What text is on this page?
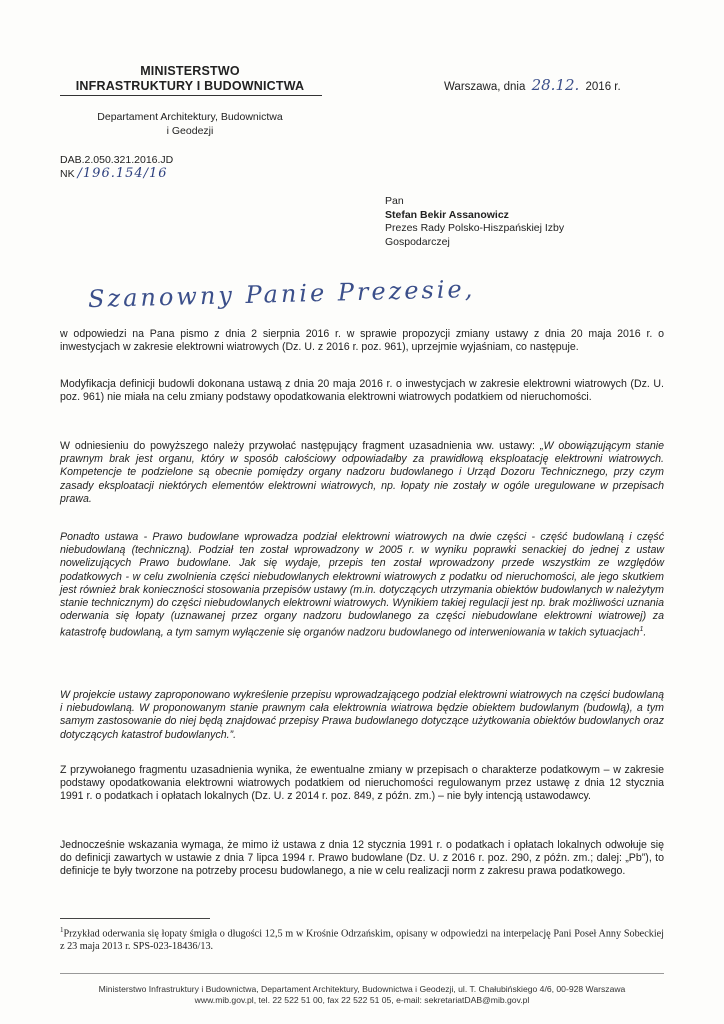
MINISTERSTWO
INFRASTRUKTURY I BUDOWNICTWA
Departament Architektury, Budownictwa
i Geodezji
DAB.2.050.321.2016.JD
NK /196.154/16
Warszawa, dnia 28.12. 2016 r.
Pan
Stefan Bekir Assanowicz
Prezes Rady Polsko-Hiszpańskiej Izby
Gospodarczej
Szanowny Panie Prezesie,

w odpowiedzi na Pana pismo z dnia 2 sierpnia 2016 r. w sprawie propozycji zmiany ustawy z dnia 20 maja 2016 r. o inwestycjach w zakresie elektrowni wiatrowych (Dz. U. z 2016 r. poz. 961), uprzejmie wyjaśniam, co następuje.

Modyfikacja definicji budowli dokonana ustawą z dnia 20 maja 2016 r. o inwestycjach w zakresie elektrowni wiatrowych (Dz. U. poz. 961) nie miała na celu zmiany podstawy opodatkowania elektrowni wiatrowych podatkiem od nieruchomości.

W odniesieniu do powyższego należy przywołać następujący fragment uzasadnienia ww. ustawy: „W obowiązującym stanie prawnym brak jest organu, który w sposób całościowy odpowiadałby za prawidłową eksploatację elektrowni wiatrowych. Kompetencje te podzielone są obecnie pomiędzy organy nadzoru budowlanego i Urząd Dozoru Technicznego, przy czym zasady eksploatacji niektórych elementów elektrowni wiatrowych, np. łopaty nie zostały w ogóle uregulowane w przepisach prawa.
Ponadto ustawa - Prawo budowlane wprowadza podział elektrowni wiatrowych na dwie części - część budowlaną i część niebudowlaną (techniczną). Podział ten został wprowadzony w 2005 r. w wyniku poprawki senackiej do jednej z ustaw nowelizujących Prawo budowlane. Jak się wydaje, przepis ten został wprowadzony przede wszystkim ze względów podatkowych - w celu zwolnienia części niebudowlanych elektrowni wiatrowych z podatku od nieruchomości, ale jego skutkiem jest również brak konieczności stosowania przepisów ustawy (m.in. dotyczących utrzymania obiektów budowlanych w należytym stanie technicznym) do części niebudowlanych elektrowni wiatrowych. Wynikiem takiej regulacji jest np. brak możliwości uznania oderwania się łopaty (uznawanej przez organy nadzoru budowlanego za części niebudowlane elektrowni wiatrowej) za katastrofę budowlaną, a tym samym wyłączenie się organów nadzoru budowlanego od interweniowania w takich sytuacjach$^1$.

W projekcie ustawy zaproponowano wykreślenie przepisu wprowadzającego podział elektrowni wiatrowych na części budowlaną i niebudowlaną. W proponowanym stanie prawnym cała elektrownia wiatrowa będzie obiektem budowlanym (budowlą), a tym samym zastosowanie do niej będą znajdować przepisy Prawa budowlanego dotyczące użytkowania obiektów budowlanych oraz dotyczących katastrof budowlanych.”.

Z przywołanego fragmentu uzasadnienia wynika, że ewentualne zmiany w przepisach o charakterze podatkowym – w zakresie podstawy opodatkowania elektrowni wiatrowych podatkiem od nieruchomości regulowanym przez ustawę z dnia 12 stycznia 1991 r. o podatkach i opłatach lokalnych (Dz. U. z 2014 r. poz. 849, z późn. zm.) – nie były intencją ustawodawcy.

Jednocześnie wskazania wymaga, że mimo iż ustawa z dnia 12 stycznia 1991 r. o podatkach i opłatach lokalnych odwołuje się do definicji zawartych w ustawie z dnia 7 lipca 1994 r. Prawo budowlane (Dz. U. z 2016 r. poz. 290, z późn. zm.; dalej: „Pb”), to definicje te były tworzone na potrzeby procesu budowlanego, a nie w celu realizacji norm z zakresu prawa podatkowego.

$^1$Przykład oderwania się łopaty śmigła o długości 12,5 m w Krośnie Odrzańskim, opisany w odpowiedzi na interpelację Pani Poseł Anny Sobeckiej z 23 maja 2013 r. SPS-023-18436/13.
Ministerstwo Infrastruktury i Budownictwa, Departament Architektury, Budownictwa i Geodezji, ul. T. Chałubińskiego 4/6, 00-928 Warszawa
www.mib.gov.pl, tel. 22 522 51 00, fax 22 522 51 05, e-mail: sekretariatDAB@mib.gov.pl
